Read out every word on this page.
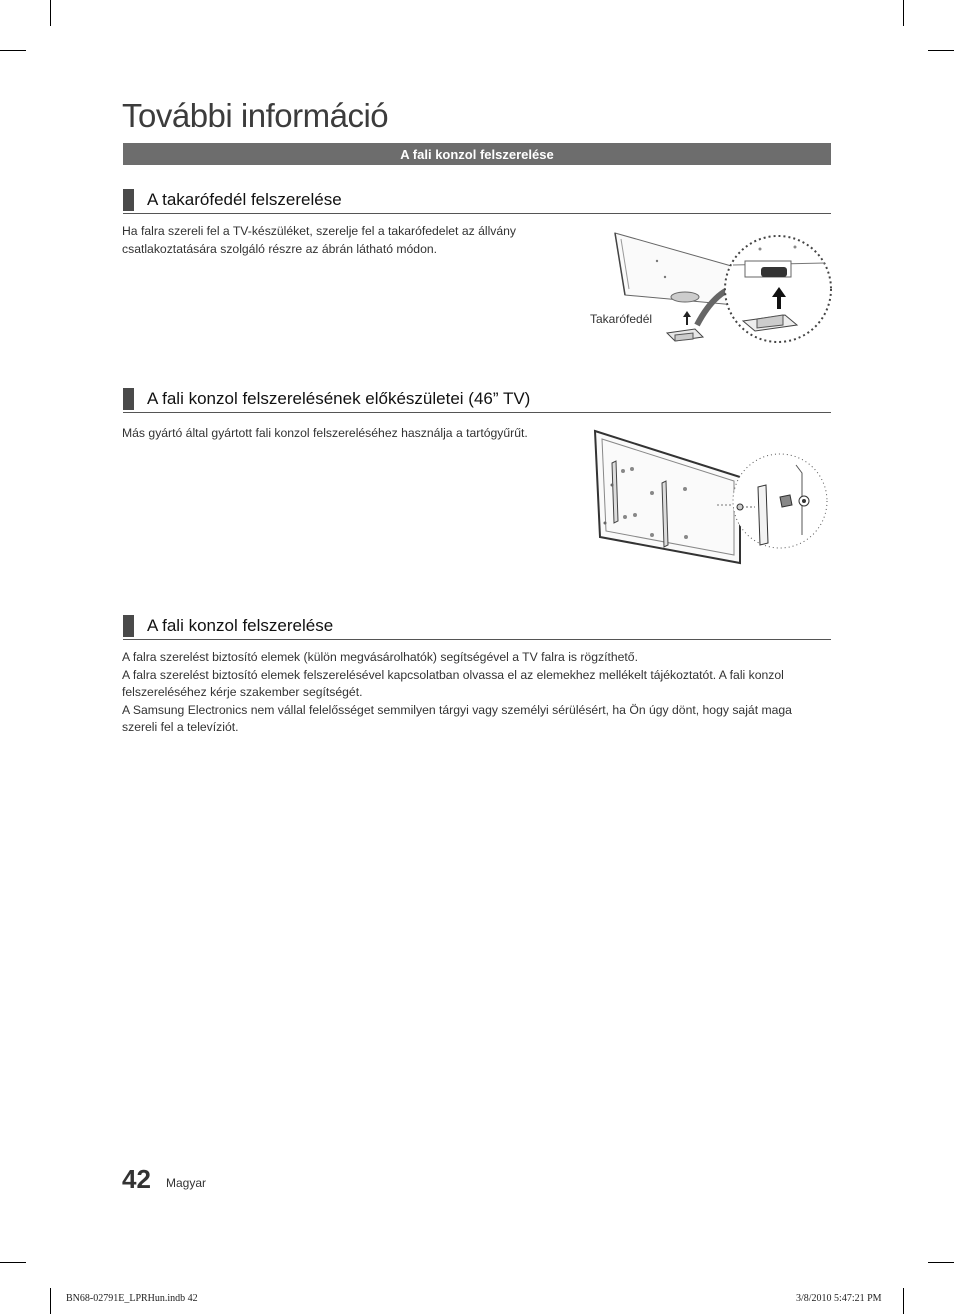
További információ
A fali konzol felszerelése
A takarófedél felszerelése
Ha falra szereli fel a TV-készüléket, szerelje fel a takarófedelet az állvány
csatlakoztatására szolgáló részre az ábrán látható módon.
Takarófedél
A fali konzol felszerelésének előkészületei (46” TV)
Más gyártó által gyártott fali konzol felszereléséhez használja a tartógyűrűt.
A fali konzol felszerelése
A falra szerelést biztosító elemek (külön megvásárolhatók) segítségével a TV falra is rögzíthető.
A falra szerelést biztosító elemek felszerelésével kapcsolatban olvassa el az elemekhez mellékelt tájékoztatót. A fali konzol
felszereléséhez kérje szakember segítségét.
A Samsung Electronics nem vállal felelősséget semmilyen tárgyi vagy személyi sérülésért, ha Ön úgy dönt, hogy saját maga
szereli fel a televíziót.
42 Magyar
BN68-02791E_LPRHun.indb 42	3/8/2010 5:47:21 PM
